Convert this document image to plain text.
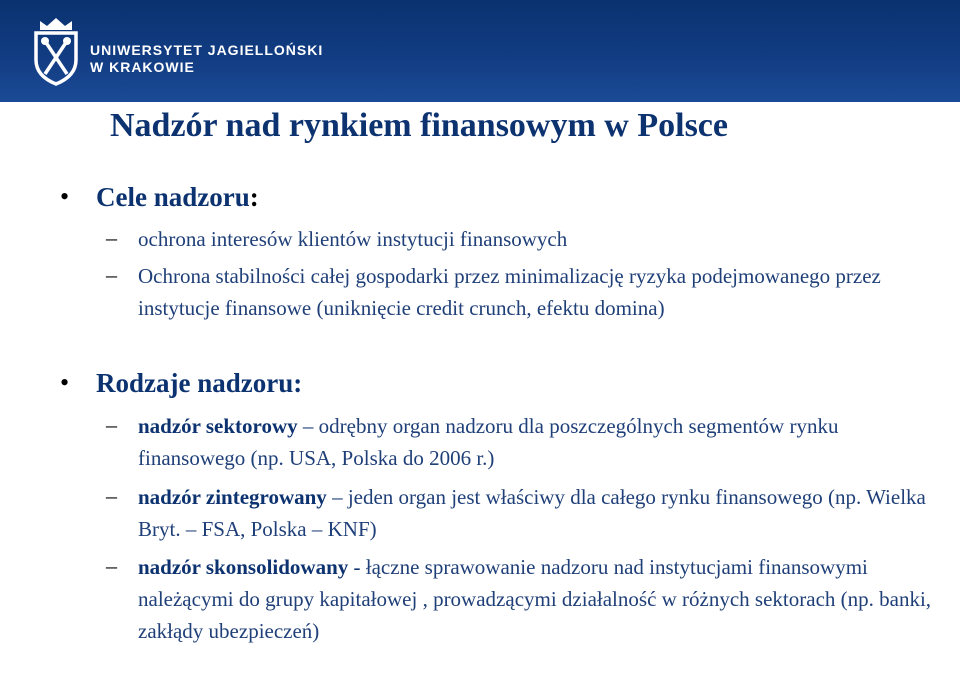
UNIWERSYTET JAGIELLOŃSKI
W KRAKOWIE
Nadzór nad rynkiem finansowym w Polsce
• Cele nadzoru:
– ochrona interesów klientów instytucji finansowych

– Ochrona stabilności całej gospodarki przez minimalizację ryzyka podejmowanego przez instytucje finansowe (uniknięcie credit crunch, efektu domina)

• Rodzaje nadzoru:
– nadzór sektorowy – odrębny organ nadzoru dla poszczególnych segmentów rynku finansowego (np. USA, Polska do 2006 r.)

– nadzór zintegrowany – jeden organ jest właściwy dla całego rynku finansowego (np. Wielka Bryt. – FSA, Polska – KNF)

– nadzór skonsolidowany - łączne sprawowanie nadzoru nad instytucjami finansowymi należącymi do grupy kapitałowej , prowadzącymi działalność w różnych sektorach (np. banki, zakłądy ubezpieczeń)
